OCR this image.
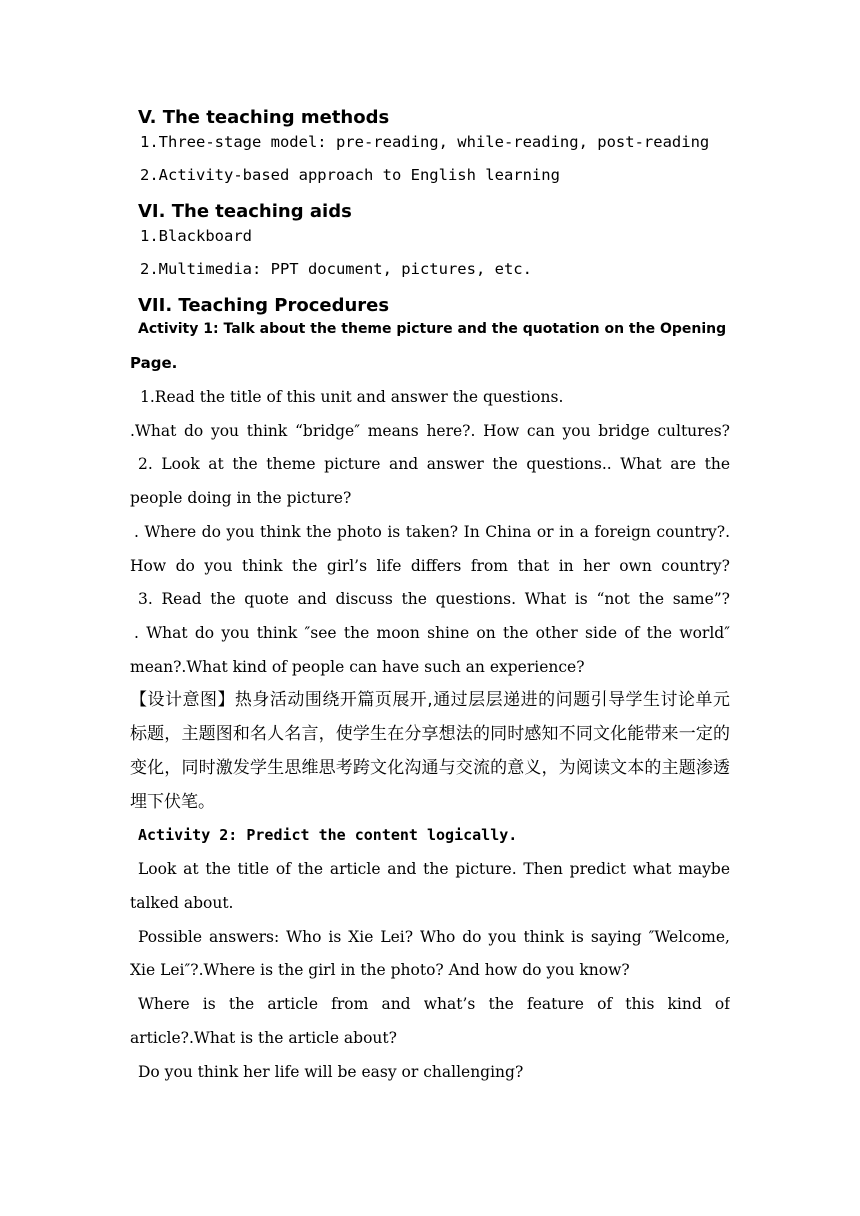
V. The teaching methods
1.Three-stage model: pre-reading, while-reading, post-reading
2.Activity-based approach to English learning
VI. The teaching aids
1.Blackboard
2.Multimedia: PPT document, pictures, etc.
VII. Teaching Procedures
Activity 1: Talk about the theme picture and the quotation on the Opening
Page.
1.Read the title of this unit and answer the questions.
.What do you think “bridge″ means here?. How can you bridge cultures?
2. Look at the theme picture and answer the questions.. What are the
people doing in the picture?
. Where do you think the photo is taken? In China or in a foreign country?.
How do you think the girl’s life differs from that in her own country?
3. Read the quote and discuss the questions. What is “not the same”?
. What do you think ″see the moon shine on the other side of the world″
mean?.What kind of people can have such an experience?
【设计意图】热身活动围绕开篇页展开,通过层层递进的问题引导学生讨论单元
标题，主题图和名人名言，使学生在分享想法的同时感知不同文化能带来一定的
变化，同时激发学生思维思考跨文化沟通与交流的意义，为阅读文本的主题渗透
埋下伏笔。
Activity 2: Predict the content logically.
Look at the title of the article and the picture. Then predict what maybe
talked about.
Possible answers: Who is Xie Lei? Who do you think is saying ″Welcome,
Xie Lei″?.Where is the girl in the photo? And how do you know?
Where is the article from and what’s the feature of this kind of
article?.What is the article about?
Do you think her life will be easy or challenging?
